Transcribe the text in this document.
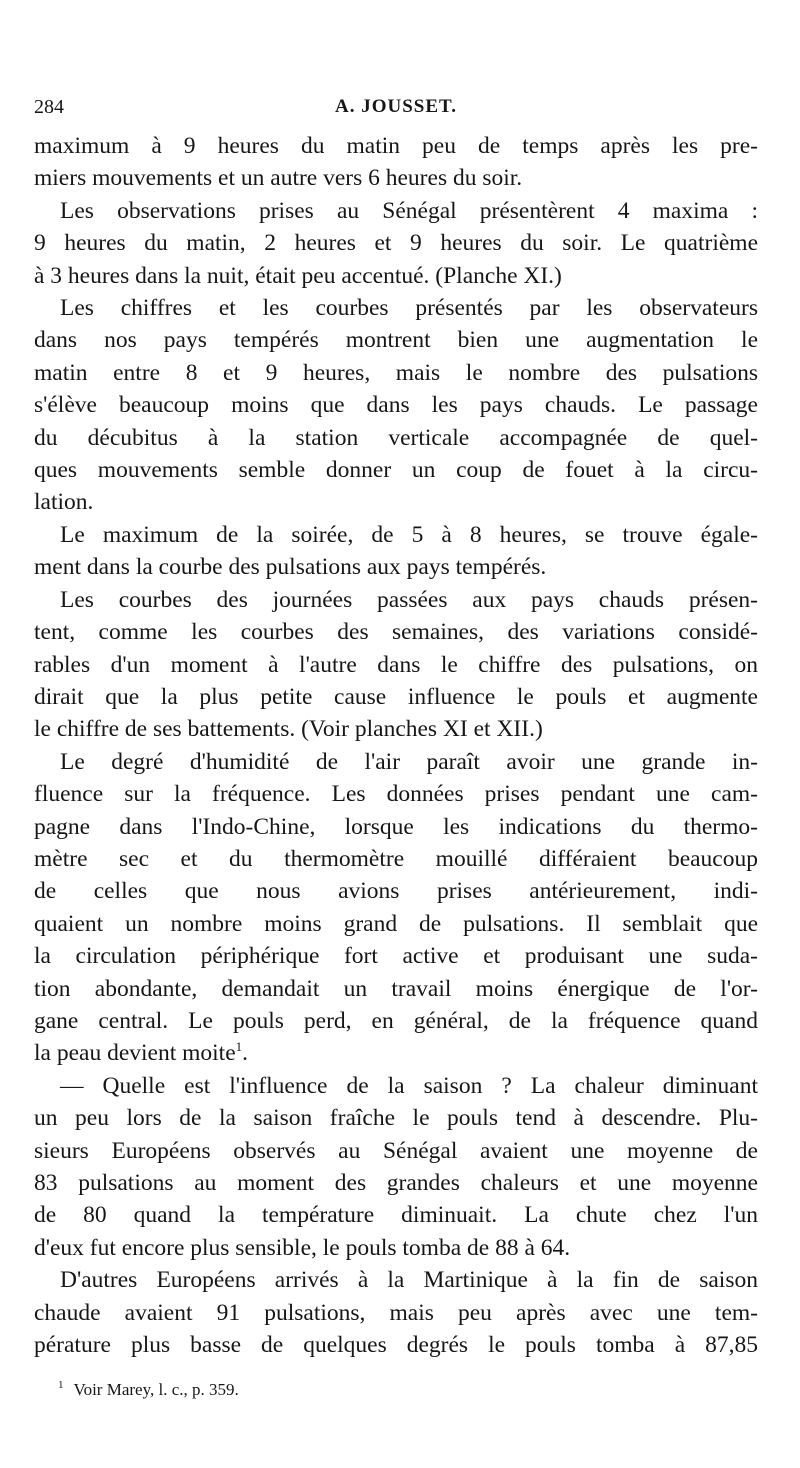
284	A. JOUSSET.

maximum à 9 heures du matin peu de temps après les pre-
miers mouvements et un autre vers 6 heures du soir.

Les observations prises au Sénégal présentèrent 4 maxima :
9 heures du matin, 2 heures et 9 heures du soir. Le quatrième
à 3 heures dans la nuit, était peu accentué. (Planche XI.)

Les chiffres et les courbes présentés par les observateurs
dans nos pays tempérés montrent bien une augmentation le
matin entre 8 et 9 heures, mais le nombre des pulsations
s'élève beaucoup moins que dans les pays chauds. Le passage
du décubitus à la station verticale accompagnée de quel-
ques mouvements semble donner un coup de fouet à la circu-
lation.

Le maximum de la soirée, de 5 à 8 heures, se trouve égale-
ment dans la courbe des pulsations aux pays tempérés.

Les courbes des journées passées aux pays chauds présen-
tent, comme les courbes des semaines, des variations considé-
rables d'un moment à l'autre dans le chiffre des pulsations, on
dirait que la plus petite cause influence le pouls et augmente
le chiffre de ses battements. (Voir planches XI et XII.)

Le degré d'humidité de l'air paraît avoir une grande in-
fluence sur la fréquence. Les données prises pendant une cam-
pagne dans l'Indo-Chine, lorsque les indications du thermo-
mètre sec et du thermomètre mouillé différaient beaucoup
de celles que nous avions prises antérieurement, indi-
quaient un nombre moins grand de pulsations. Il semblait que
la circulation périphérique fort active et produisant une suda-
tion abondante, demandait un travail moins énergique de l'or-
gane central. Le pouls perd, en général, de la fréquence quand
la peau devient moite$^1$.

— Quelle est l'influence de la saison ? La chaleur diminuant
un peu lors de la saison fraîche le pouls tend à descendre. Plu-
sieurs Européens observés au Sénégal avaient une moyenne de
83 pulsations au moment des grandes chaleurs et une moyenne
de 80 quand la température diminuait. La chute chez l'un
d'eux fut encore plus sensible, le pouls tomba de 88 à 64.

D'autres Européens arrivés à la Martinique à la fin de saison
chaude avaient 91 pulsations, mais peu après avec une tem-
pérature plus basse de quelques degrés le pouls tomba à 87,85

$^1$ Voir Marey, l. c., p. 359.
